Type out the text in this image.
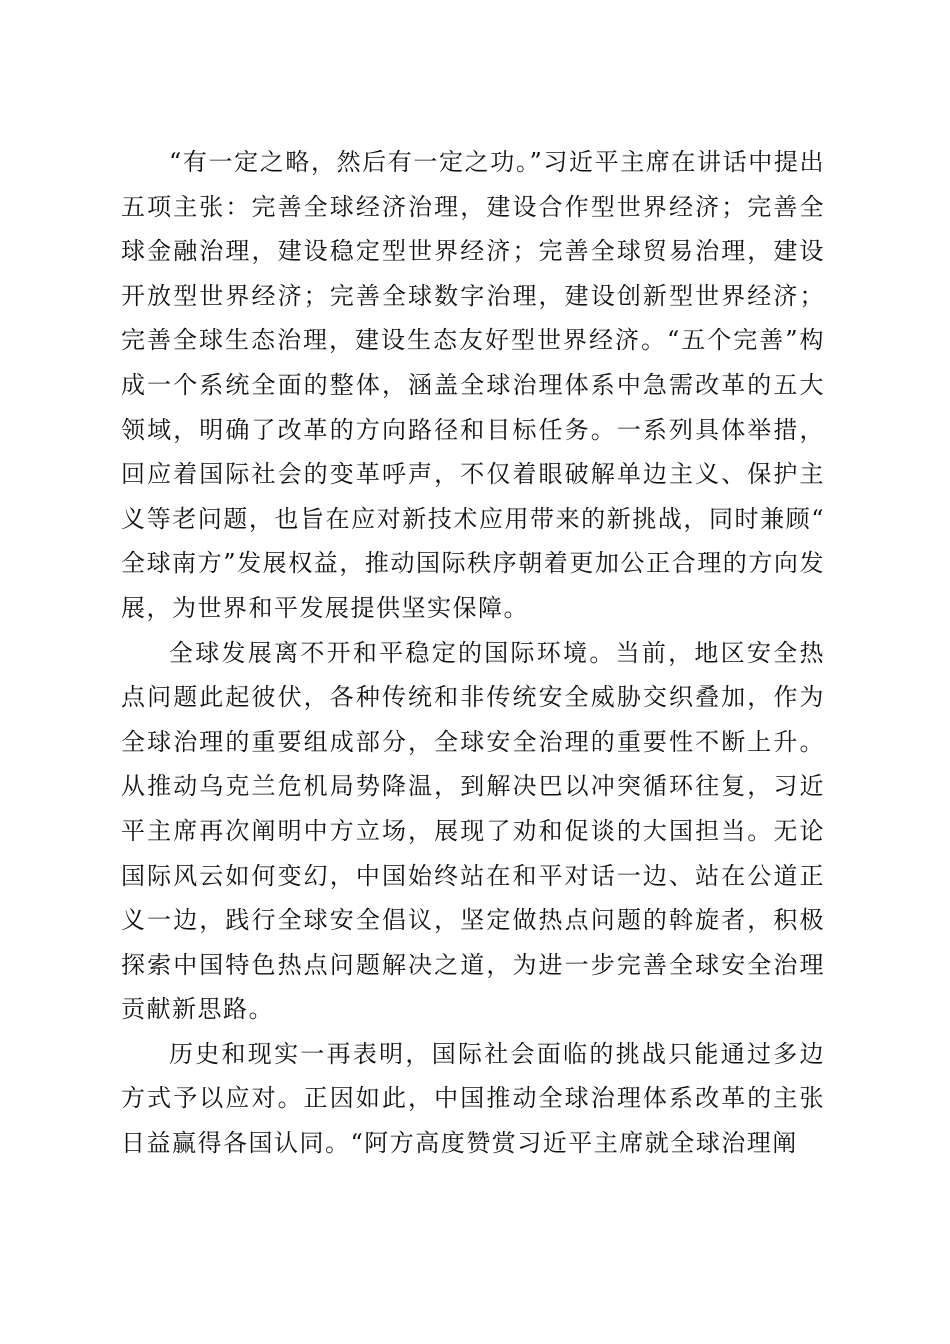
“有一定之略，然后有一定之功。”习近平主席在讲话中提出五项主张：完善全球经济治理，建设合作型世界经济；完善全球金融治理，建设稳定型世界经济；完善全球贸易治理，建设开放型世界经济；完善全球数字治理，建设创新型世界经济；完善全球生态治理，建设生态友好型世界经济。“五个完善”构成一个系统全面的整体，涵盖全球治理体系中急需改革的五大领域，明确了改革的方向路径和目标任务。一系列具体举措，回应着国际社会的变革呼声，不仅着眼破解单边主义、保护主义等老问题，也旨在应对新技术应用带来的新挑战，同时兼顾“全球南方”发展权益，推动国际秩序朝着更加公正合理的方向发展，为世界和平发展提供坚实保障。

全球发展离不开和平稳定的国际环境。当前，地区安全热点问题此起彼伏，各种传统和非传统安全威胁交织叠加，作为全球治理的重要组成部分，全球安全治理的重要性不断上升。从推动乌克兰危机局势降温，到解决巴以冲突循环往复，习近平主席再次阐明中方立场，展现了劝和促谈的大国担当。无论国际风云如何变幻，中国始终站在和平对话一边、站在公道正义一边，践行全球安全倡议，坚定做热点问题的斡旋者，积极探索中国特色热点问题解决之道，为进一步完善全球安全治理贡献新思路。

历史和现实一再表明，国际社会面临的挑战只能通过多边方式予以应对。正因如此，中国推动全球治理体系改革的主张日益赢得各国认同。“阿方高度赞赏习近平主席就全球治理阐
